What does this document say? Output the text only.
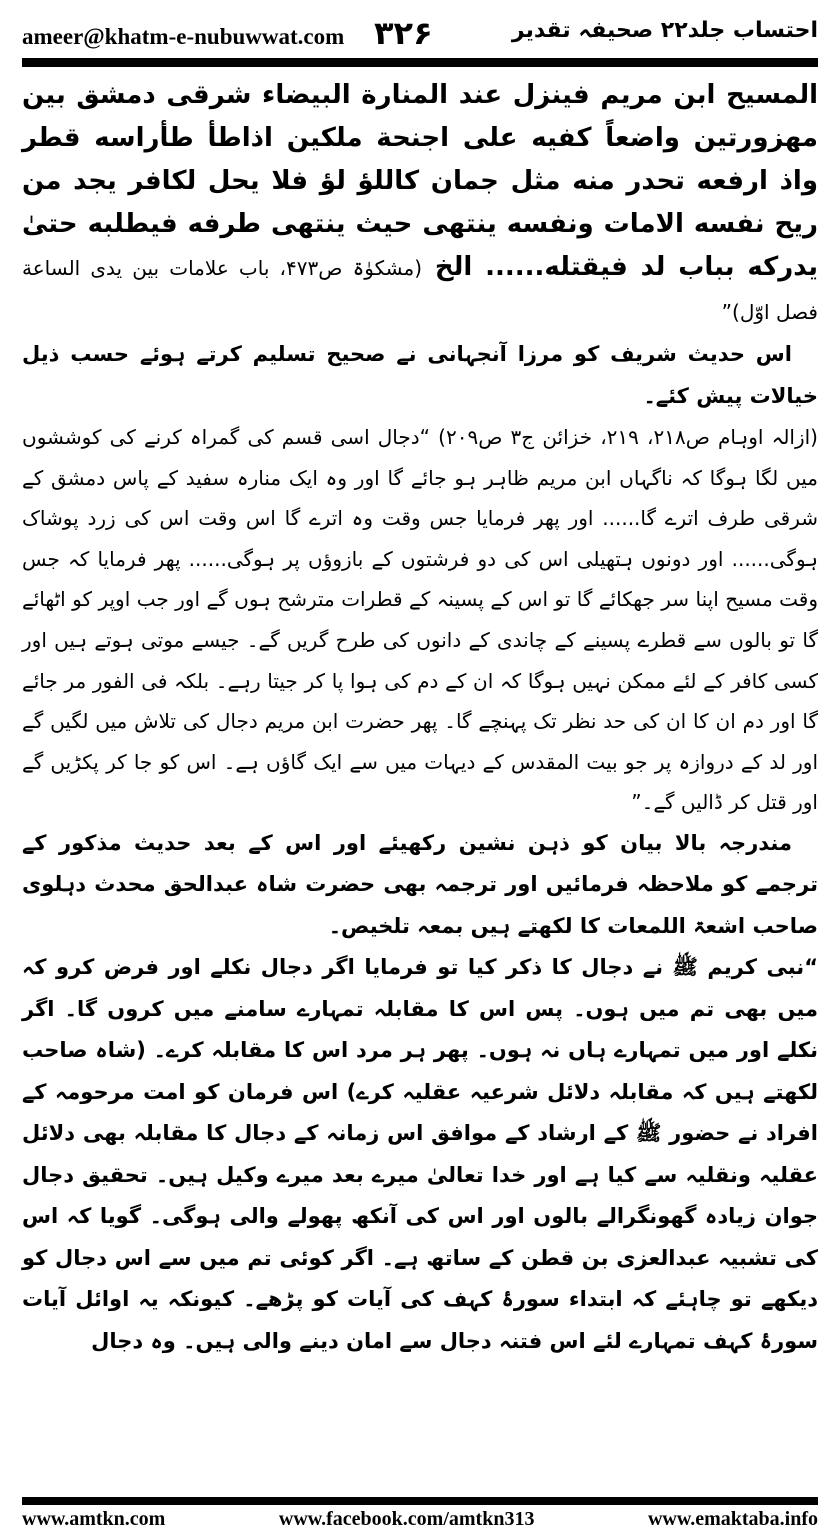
ameer@khatm-e-nubuwwat.com ۳۲۶	احتساب جلد۲۲ صحیفہ تقدیر

المسیح ابن مریم فینزل عند المنارة البیضاء شرقی دمشق بین مهزورتین واضعاً کفیه علی اجنحة ملکین اذاطأ طأراسه قطر واذ ارفعه تحدر منه مثل جمان کاللؤ لؤ فلا یحل لکافر یجد من ریح نفسه الامات ونفسه ینتهی حیث ینتهی طرفه فیطلبه حتیٰ یدرکه بباب لد فیقتله...... الخ (مشکوٰۃ ص۴۷۳، باب علامات بین یدی الساعة فصل اوّل)”

اس حدیث شریف کو مرزا آنجہانی نے صحیح تسلیم کرتے ہوئے حسب ذیل خیالات پیش کئے۔

(ازالہ اوہام ص۲۱۸، ۲۱۹، خزائن ج۳ ص۲۰۹) “دجال اسی قسم کی گمراہ کرنے کی کوششوں میں لگا ہوگا کہ ناگہاں ابن مریم ظاہر ہو جائے گا اور وہ ایک منارہ سفید کے پاس دمشق کے شرقی طرف اترے گا...... اور پھر فرمایا جس وقت وہ اترے گا اس وقت اس کی زرد پوشاک ہوگی...... اور دونوں ہتھیلی اس کی دو فرشتوں کے بازوؤں پر ہوگی...... پھر فرمایا کہ جس وقت مسیح اپنا سر جھکائے گا تو اس کے پسینہ کے قطرات مترشح ہوں گے اور جب اوپر کو اٹھائے گا تو بالوں سے قطرے پسینے کے چاندی کے دانوں کی طرح گریں گے۔ جیسے موتی ہوتے ہیں اور کسی کافر کے لئے ممکن نہیں ہوگا کہ ان کے دم کی ہوا پا کر جیتا رہے۔ بلکہ فی الفور مر جائے گا اور دم ان کا ان کی حد نظر تک پہنچے گا۔ پھر حضرت ابن مریم دجال کی تلاش میں لگیں گے اور لد کے دروازہ پر جو بیت المقدس کے دیہات میں سے ایک گاؤں ہے۔ اس کو جا کر پکڑیں گے اور قتل کر ڈالیں گے۔”

مندرجہ بالا بیان کو ذہن نشین رکھیئے اور اس کے بعد حدیث مذکور کے ترجمے کو ملاحظہ فرمائیں اور ترجمہ بھی حضرت شاہ عبدالحق محدث دہلوی صاحب اشعۃ اللمعات کا لکھتے ہیں بمعہ تلخیص۔

“نبی کریم ﷺ نے دجال کا ذکر کیا تو فرمایا اگر دجال نکلے اور فرض کرو کہ میں بھی تم میں ہوں۔ پس اس کا مقابلہ تمہارے سامنے میں کروں گا۔ اگر نکلے اور میں تمہارے ہاں نہ ہوں۔ پھر ہر مرد اس کا مقابلہ کرے۔ (شاہ صاحب لکھتے ہیں کہ مقابلہ دلائل شرعیہ عقلیہ کرے) اس فرمان کو امت مرحومہ کے افراد نے حضور ﷺ کے ارشاد کے موافق اس زمانہ کے دجال کا مقابلہ بھی دلائل عقلیہ ونقلیہ سے کیا ہے اور خدا تعالیٰ میرے بعد میرے وکیل ہیں۔ تحقیق دجال جوان زیادہ گھونگرالے بالوں اور اس کی آنکھ پھولے والی ہوگی۔ گویا کہ اس کی تشبیہ عبدالعزی بن قطن کے ساتھ ہے۔ اگر کوئی تم میں سے اس دجال کو دیکھے تو چاہئے کہ ابتداء سورۂ کہف کی آیات کو پڑھے۔ کیونکہ یہ اوائل آیات سورۂ کہف تمہارے لئے اس فتنہ دجال سے امان دینے والی ہیں۔ وہ دجال

www.amtkn.com	www.facebook.com/amtkn313	www.emaktaba.info
